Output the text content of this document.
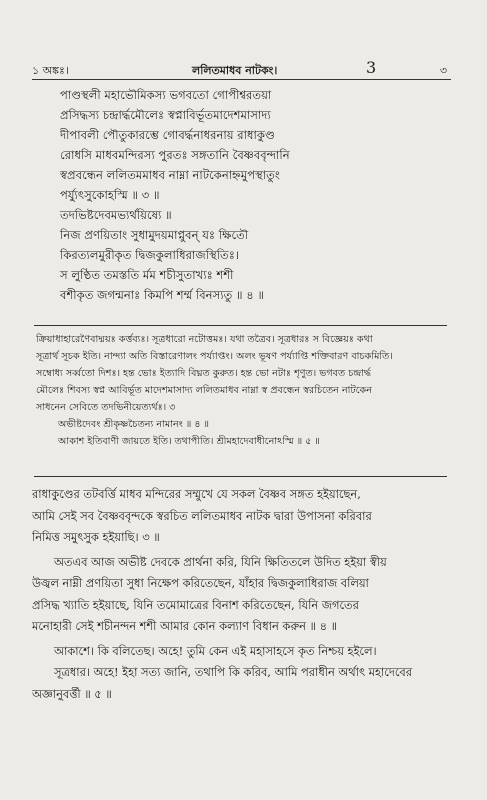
১ অঙ্কঃ।	ললিতমাধব নাটকং।	3	৩
পাণ্ডস্থলী মহাভৌমিকস্য ভগবতো গোপীশ্বরতয়া
প্রসিদ্ধস্য চন্দ্রার্দ্ধমৌলেঃ স্বপ্নাবির্ভূতমাদেশমাসাদ্য
দীপাবলী পৌতুকারম্ভে গোবর্দ্ধনাধরনায় রাধাকুণ্ড
রোধসি মাধবমন্দিরস্য পুরতঃ সঙ্গতানি বৈষ্ণববৃন্দানি
স্বপ্রবন্ধেন ললিতমমাধব নাম্না নাটকেনাহ্নমুপস্থাতুং
পর্য্যুৎসুকোহস্মি ॥ ৩ ॥
তদভিষ্টদেবমভ্যর্থয়িষ্যে ॥
নিজ প্রণয়িতাং সুধামুদয়মাপ্নুবন্ যঃ ক্ষিতৌ
কিরত্যলমুরীকৃত দ্বিজকুলাধিরাজস্থিতিঃ।
স লুণ্ঠিত তমস্ততি র্মম শচীসুতাখ্যঃ শশী
বশীকৃত জগন্মনাঃ কিমপি শর্ম্ম বিনস্যতু ॥ ৪ ॥
ক্রিয়াধাহারেণৈবাদ্ময়ঃ কর্ত্তব্যঃ। সূত্রধারো নটোত্তমঃ। যথা তত্রৈব। সূত্রধারঃ স বিজ্ঞেয়ঃ কথা
সূত্রার্থ সূচক ইতি। নান্দ্যা অতি বিস্তারেণালং পর্য্যাপ্তং। অলং ভূষণ পর্য্যাপ্তি শক্তিবারণ বাচকমিতি।
সম্বোধ্য সর্ব্বতো দিশঃ। হন্ত ভোঃ ইত্যাদি বিঘ্নত কুরুত। হন্ত ভো নটাঃ শৃণুত। ভগবত চন্দ্রার্দ্ধ
মৌলেঃ শিবস্য স্বপ্ন আবির্ভূত মাদেশমাসাদ্য ললিতমাধব নাম্না স্ব প্রবন্ধেন স্বরচিতেন নাটকেন
সাধনেন সেবিতে তদভিনীয়েত্যর্থঃ। ৩
অভীষ্টদেবং শ্রীকৃষ্ণচৈতন্য নামানং ॥ ৪ ॥
আকাশ ইতিবাণী জায়তে ইতি। তথাপীতি। শ্রীমহাদেবাধীনোঽস্মি ॥ ৫ ॥
রাধাকুণ্ডের তটবর্ত্তি মাধব মন্দিরের সম্মুখে যে সকল বৈষ্ণব সঙ্গত হইয়াছেন,
আমি সেই সব বৈষ্ণববৃন্দকে স্বরচিত ললিতমাধব নাটক দ্বারা উপাসনা করিবার
নিমিত্ত সমুৎসুক হইয়াছি। ৩ ॥
অতএব আজ অভীষ্ট দেবকে প্রার্থনা করি, যিনি ক্ষিতিতলে উদিত হইয়া স্বীয়
উজ্বল নাম্নী প্রণয়িতা সুধা নিক্ষেপ করিতেছেন, যাঁহার দ্বিজকুলাধিরাজ বলিয়া
প্রসিদ্ধ খ্যাতি হইয়াছে, যিনি তমোমাত্রের বিনাশ করিতেছেন, যিনি জগতের
মনোহারী সেই শচীনন্দন শশী আমার কোন কল্যাণ বিধান করুন ॥ ৪ ॥
আকাশে। কি বলিতেছ। অহে! তুমি কেন এই মহাসাহসে কৃত নিশ্চয় হইলে।
সূত্রধার। অহে! ইহা সত্য জানি, তথাপি কি করিব, আমি পরাধীন অর্থাৎ মহাদেবের
অজ্ঞানুবর্ত্তী ॥ ৫ ॥
